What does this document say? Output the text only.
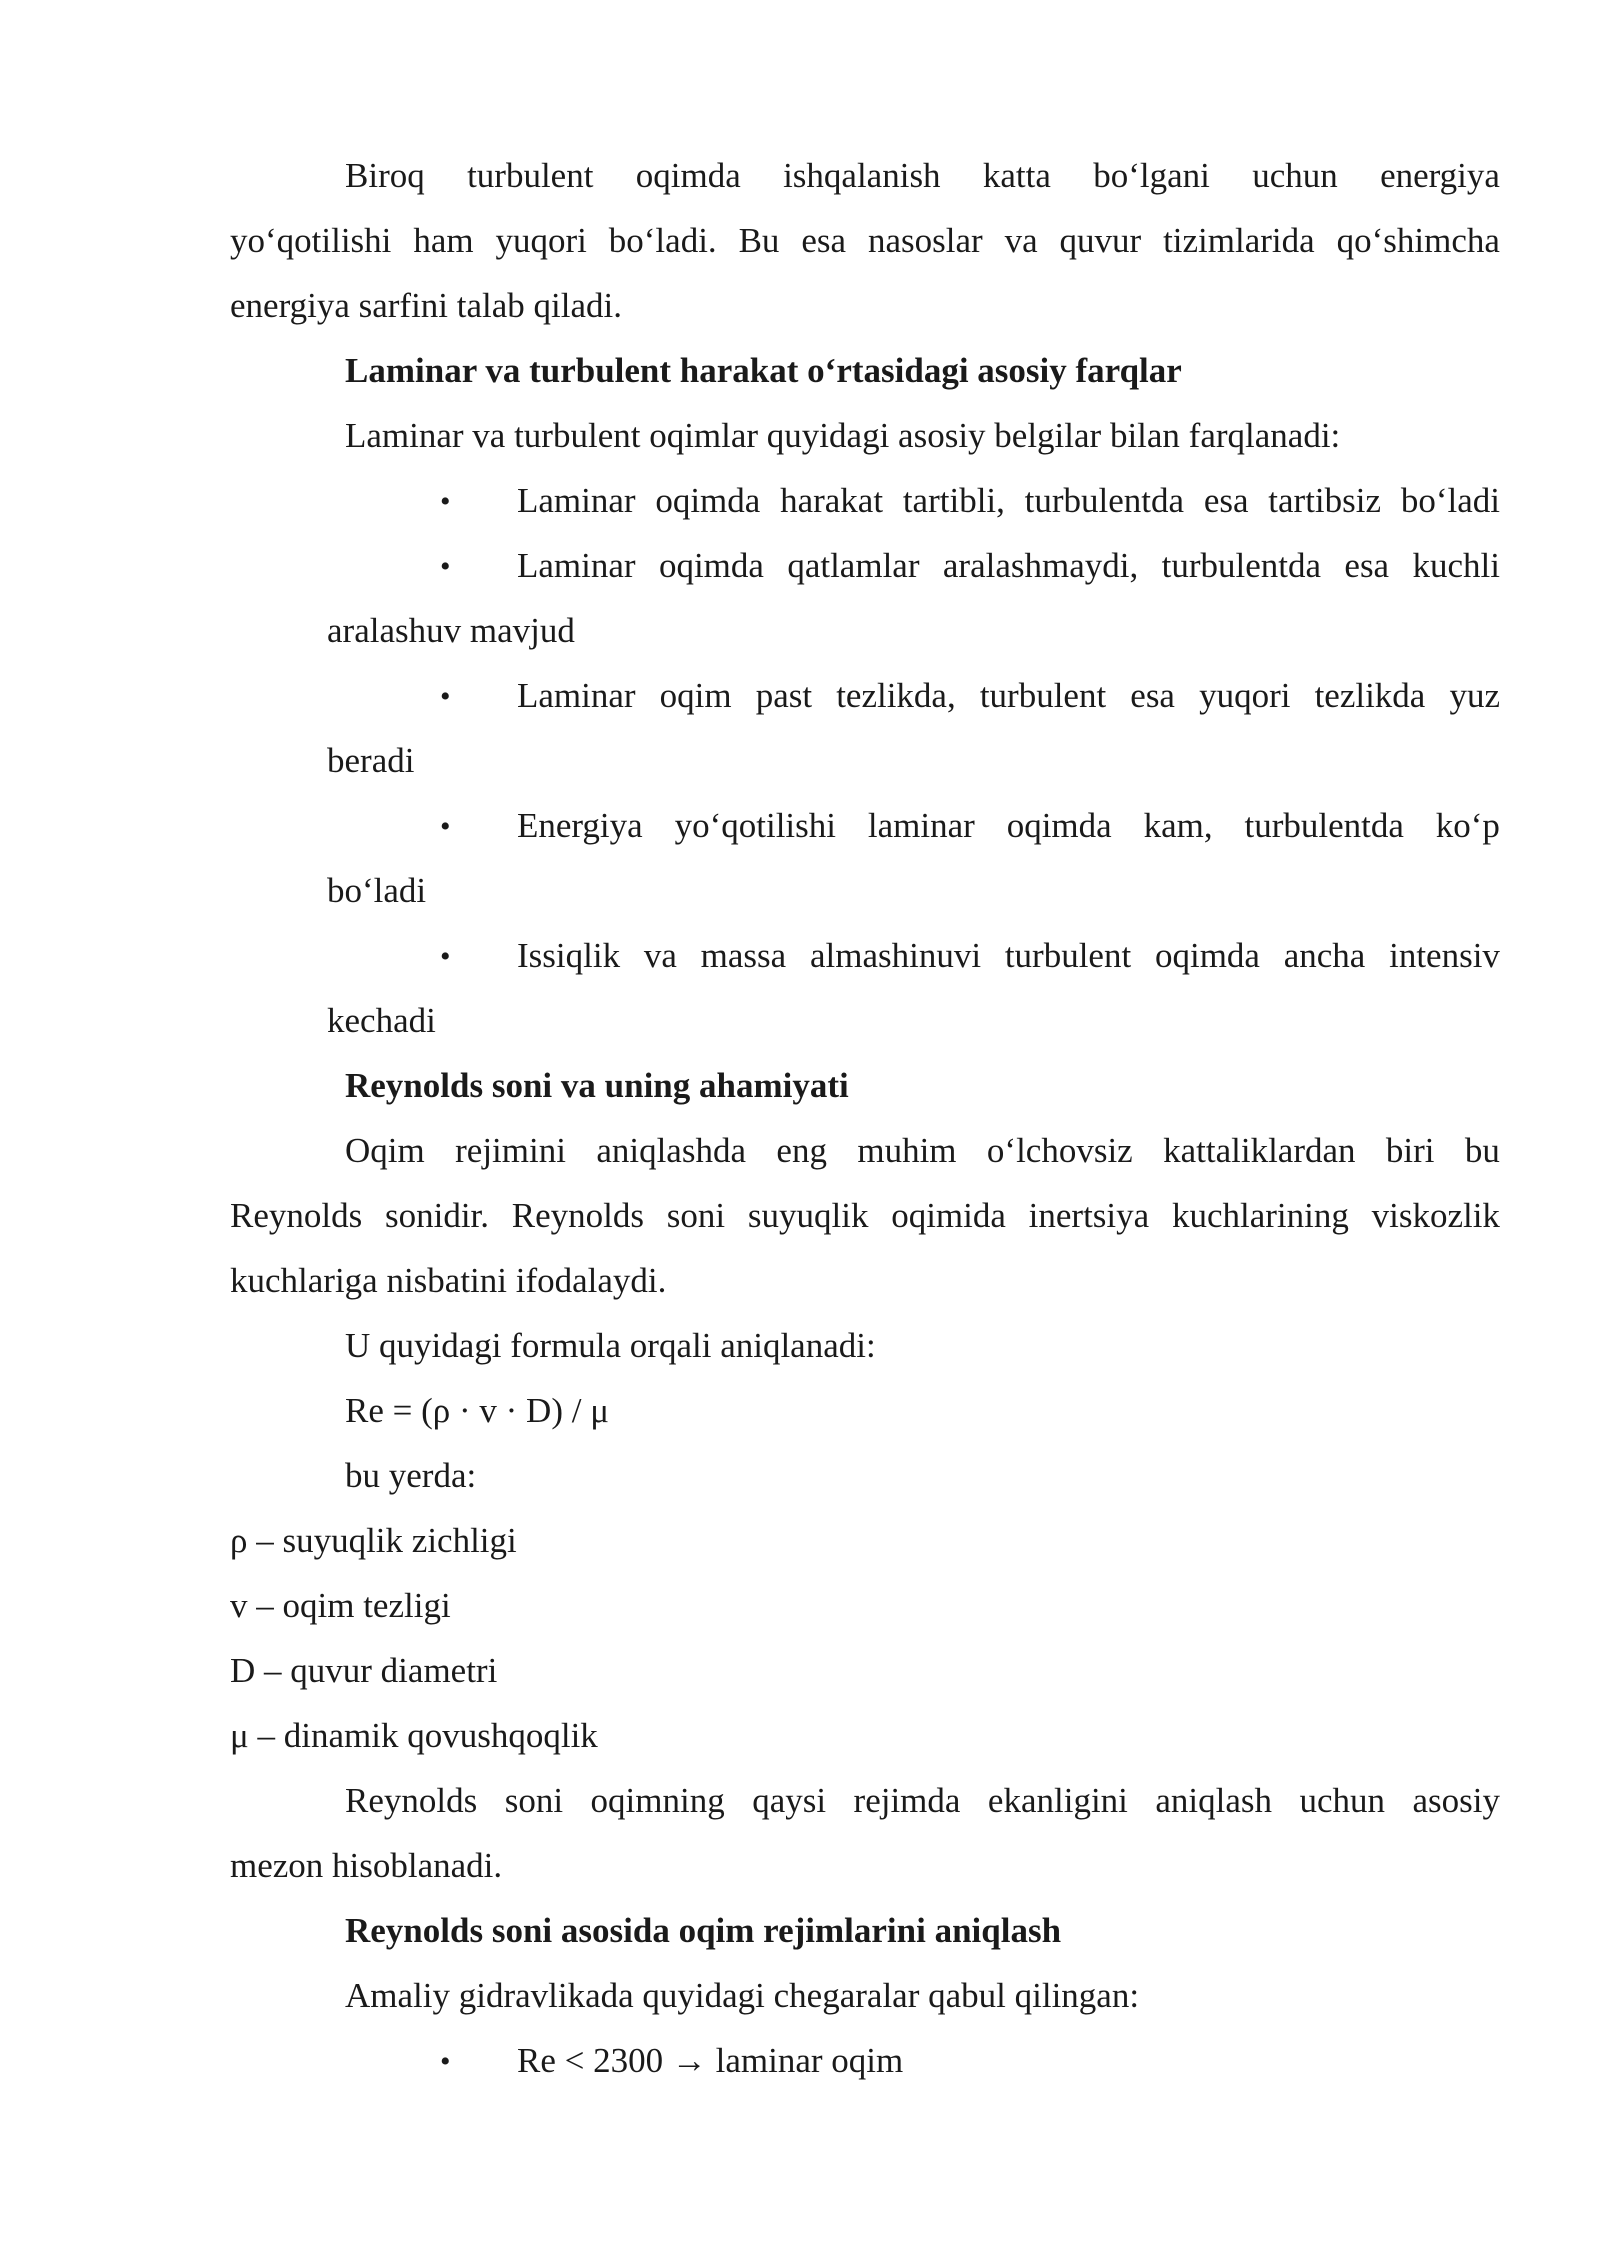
Biroq turbulent oqimda ishqalanish katta bo‘lgani uchun energiya
yo‘qotilishi ham yuqori bo‘ladi. Bu esa nasoslar va quvur tizimlarida qo‘shimcha
energiya sarfini talab qiladi.
Laminar va turbulent harakat o‘rtasidagi asosiy farqlar
Laminar va turbulent oqimlar quyidagi asosiy belgilar bilan farqlanadi:
• Laminar oqimda harakat tartibli, turbulentda esa tartibsiz bo‘ladi
• Laminar oqimda qatlamlar aralashmaydi, turbulentda esa kuchli
aralashuv mavjud
• Laminar oqim past tezlikda, turbulent esa yuqori tezlikda yuz
beradi
• Energiya yo‘qotilishi laminar oqimda kam, turbulentda ko‘p
bo‘ladi
• Issiqlik va massa almashinuvi turbulent oqimda ancha intensiv
kechadi
Reynolds soni va uning ahamiyati
Oqim rejimini aniqlashda eng muhim o‘lchovsiz kattaliklardan biri bu
Reynolds sonidir. Reynolds soni suyuqlik oqimida inertsiya kuchlarining viskozlik
kuchlariga nisbatini ifodalaydi.
U quyidagi formula orqali aniqlanadi:
Re = (ρ · v · D) / μ
bu yerda:
ρ – suyuqlik zichligi
v – oqim tezligi
D – quvur diametri
μ – dinamik qovushqoqlik
Reynolds soni oqimning qaysi rejimda ekanligini aniqlash uchun asosiy
mezon hisoblanadi.
Reynolds soni asosida oqim rejimlarini aniqlash
Amaliy gidravlikada quyidagi chegaralar qabul qilingan:
• Re < 2300 → laminar oqim
